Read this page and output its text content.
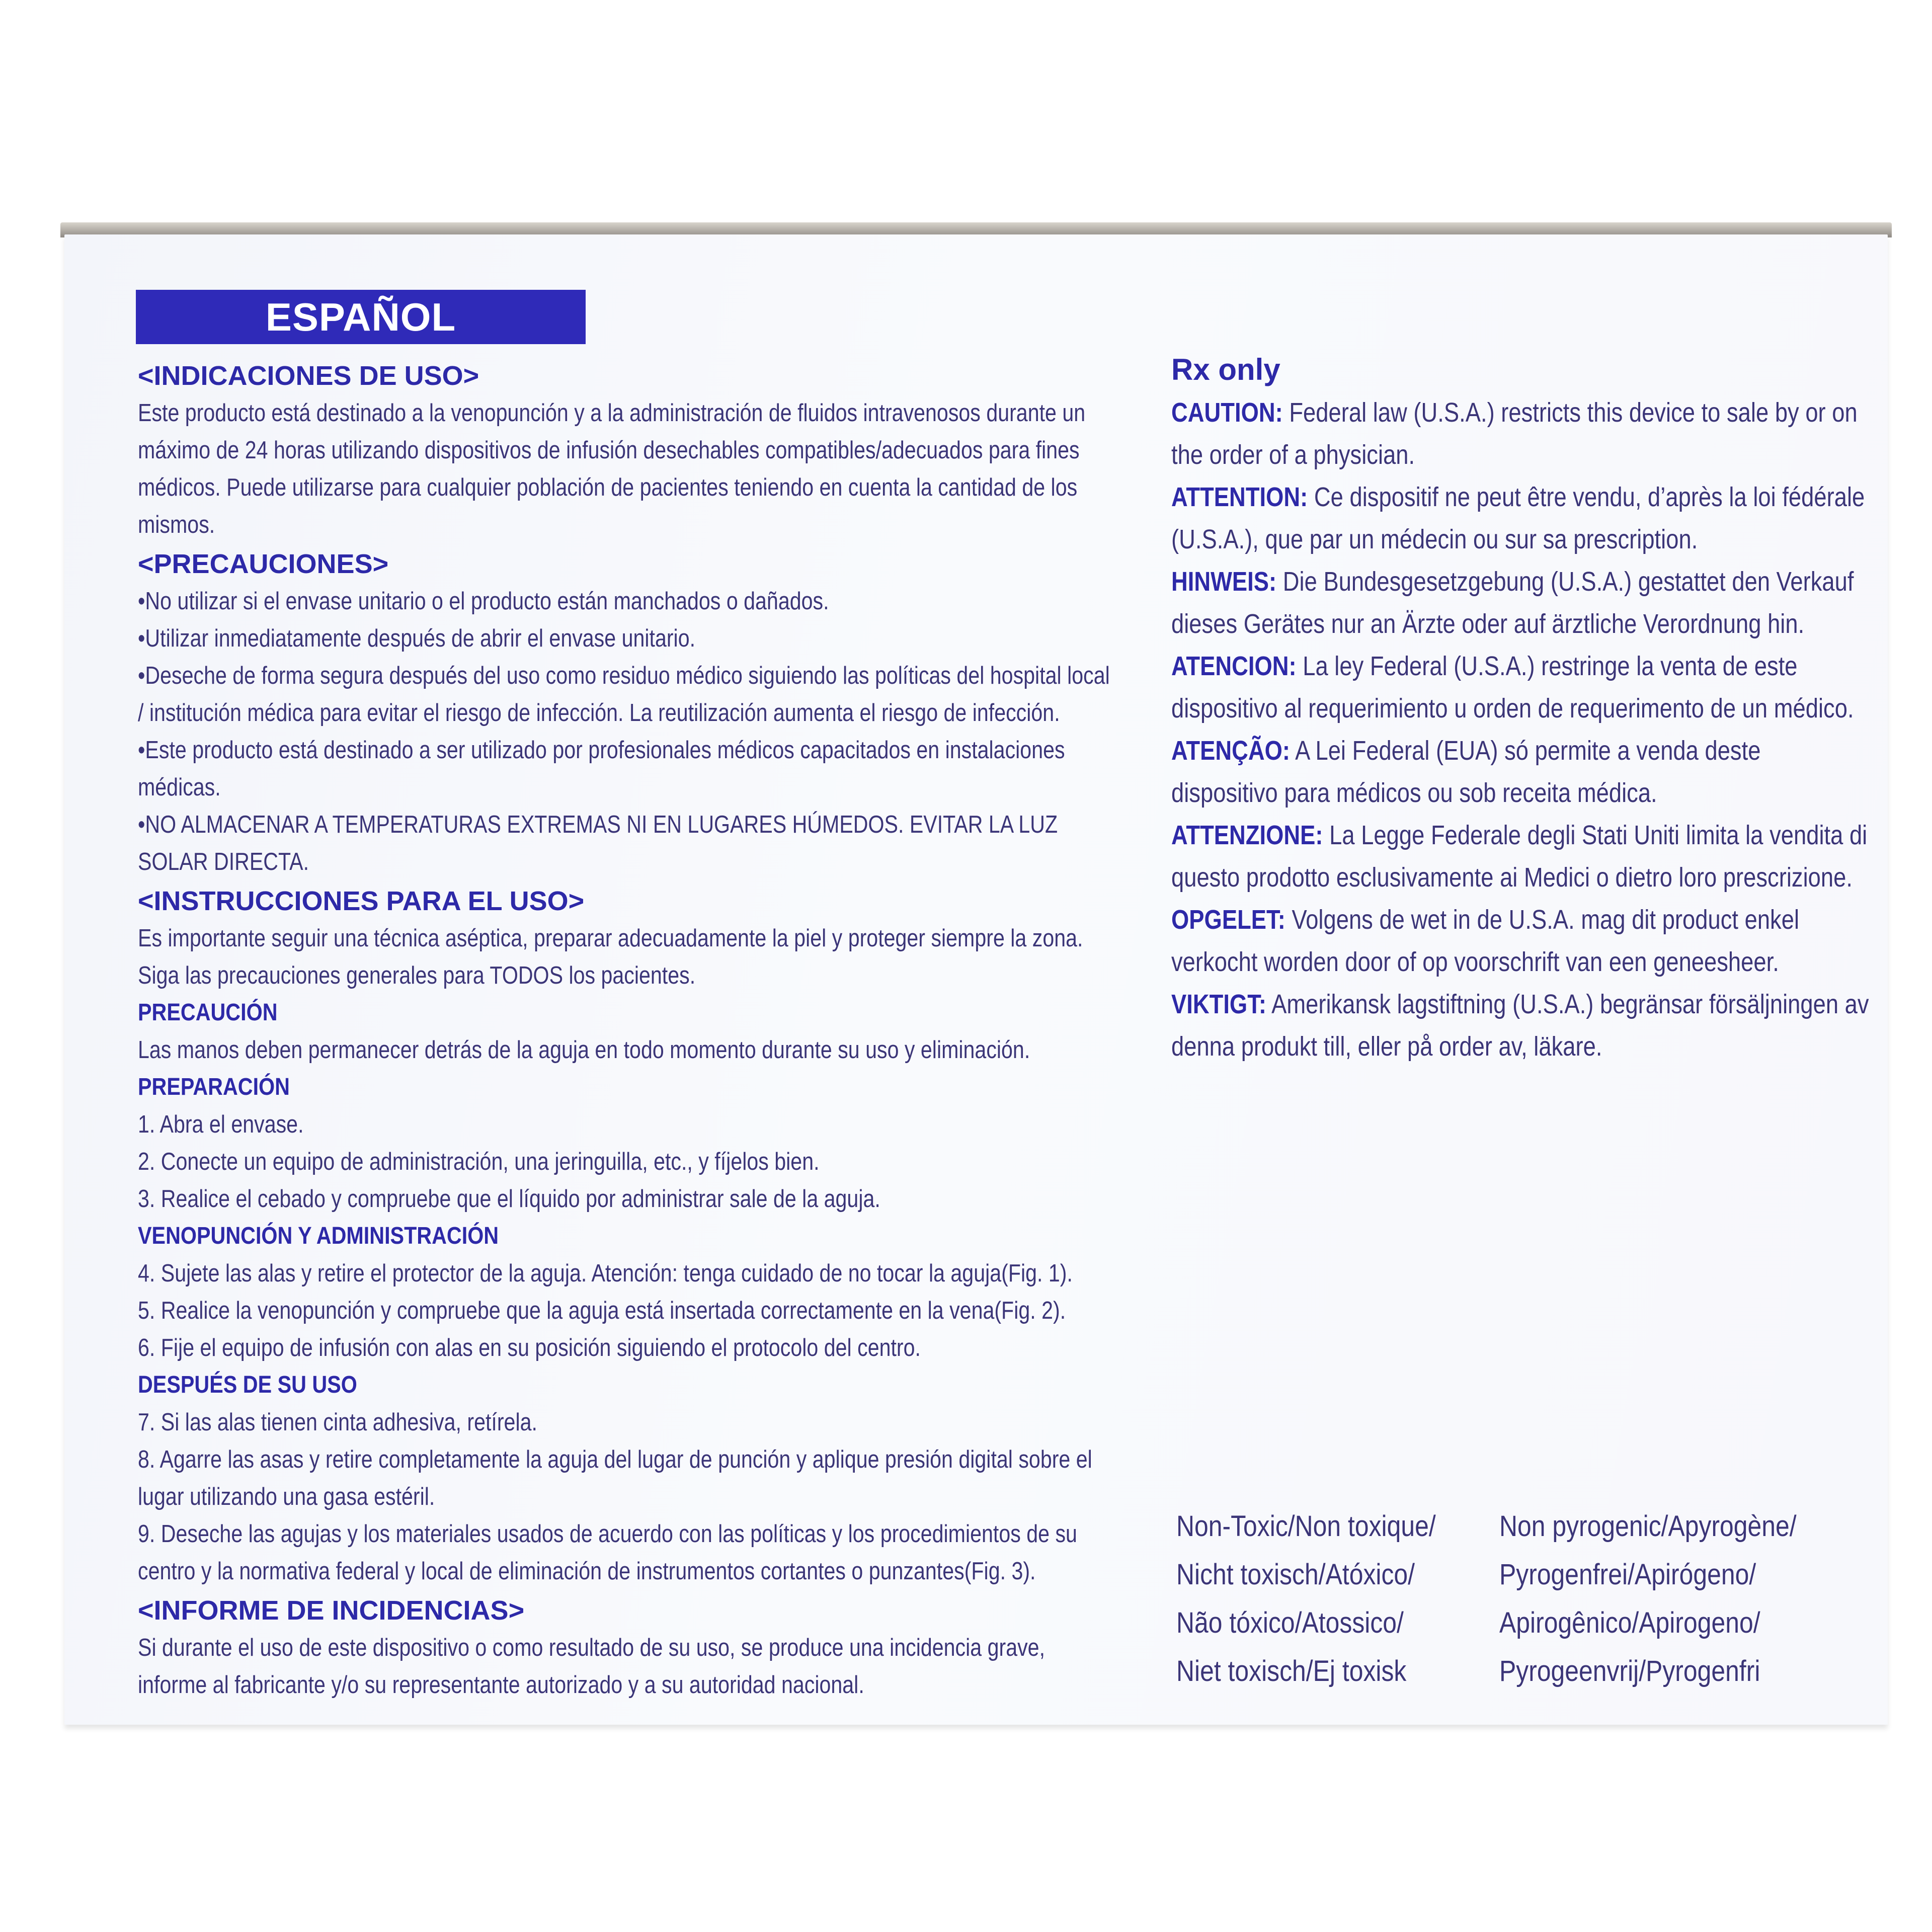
ESPAÑOL
<INDICACIONES DE USO>
Este producto está destinado a la venopunción y a la administración de fluidos intravenosos durante un máximo de 24 horas utilizando dispositivos de infusión desechables compatibles/adecuados para fines médicos. Puede utilizarse para cualquier población de pacientes teniendo en cuenta la cantidad de los mismos.
<PRECAUCIONES>
•No utilizar si el envase unitario o el producto están manchados o dañados.
•Utilizar inmediatamente después de abrir el envase unitario.
•Deseche de forma segura después del uso como residuo médico siguiendo las políticas del hospital local / institución médica para evitar el riesgo de infección. La reutilización aumenta el riesgo de infección.
•Este producto está destinado a ser utilizado por profesionales médicos capacitados en instalaciones médicas.
•NO ALMACENAR A TEMPERATURAS EXTREMAS NI EN LUGARES HÚMEDOS. EVITAR LA LUZ SOLAR DIRECTA.
<INSTRUCCIONES PARA EL USO>
Es importante seguir una técnica aséptica, preparar adecuadamente la piel y proteger siempre la zona. Siga las precauciones generales para TODOS los pacientes.
PRECAUCIÓN
Las manos deben permanecer detrás de la aguja en todo momento durante su uso y eliminación.
PREPARACIÓN
1. Abra el envase.
2. Conecte un equipo de administración, una jeringuilla, etc., y fíjelos bien.
3. Realice el cebado y compruebe que el líquido por administrar sale de la aguja.
VENOPUNCIÓN Y ADMINISTRACIÓN
4. Sujete las alas y retire el protector de la aguja. Atención: tenga cuidado de no tocar la aguja(Fig. 1).
5. Realice la venopunción y compruebe que la aguja está insertada correctamente en la vena(Fig. 2).
6. Fije el equipo de infusión con alas en su posición siguiendo el protocolo del centro.
DESPUÉS DE SU USO
7. Si las alas tienen cinta adhesiva, retírela.
8. Agarre las asas y retire completamente la aguja del lugar de punción y aplique presión digital sobre el lugar utilizando una gasa estéril.
9. Deseche las agujas y los materiales usados de acuerdo con las políticas y los procedimientos de su centro y la normativa federal y local de eliminación de instrumentos cortantes o punzantes(Fig. 3).
<INFORME DE INCIDENCIAS>
Si durante el uso de este dispositivo o como resultado de su uso, se produce una incidencia grave, informe al fabricante y/o su representante autorizado y a su autoridad nacional.
Rx only
CAUTION: Federal law (U.S.A.) restricts this device to sale by or on the order of a physician.
ATTENTION: Ce dispositif ne peut être vendu, d’après la loi fédérale (U.S.A.), que par un médecin ou sur sa prescription.
HINWEIS: Die Bundesgesetzgebung (U.S.A.) gestattet den Verkauf dieses Gerätes nur an Ärzte oder auf ärztliche Verordnung hin.
ATENCION: La ley Federal (U.S.A.) restringe la venta de este dispositivo al requerimiento u orden de requerimento de un médico.
ATENÇÃO: A Lei Federal (EUA) só permite a venda deste dispositivo para médicos ou sob receita médica.
ATTENZIONE: La Legge Federale degli Stati Uniti limita la vendita di questo prodotto esclusivamente ai Medici o dietro loro prescrizione.
OPGELET: Volgens de wet in de U.S.A. mag dit product enkel verkocht worden door of op voorschrift van een geneesheer.
VIKTIGT: Amerikansk lagstiftning (U.S.A.) begränsar försäljningen av denna produkt till, eller på order av, läkare.
Non-Toxic/Non toxique/
Nicht toxisch/Atóxico/
Não tóxico/Atossico/
Niet toxisch/Ej toxisk
Non pyrogenic/Apyrogène/
Pyrogenfrei/Apirógeno/
Apirogênico/Apirogeno/
Pyrogeenvrij/Pyrogenfri
